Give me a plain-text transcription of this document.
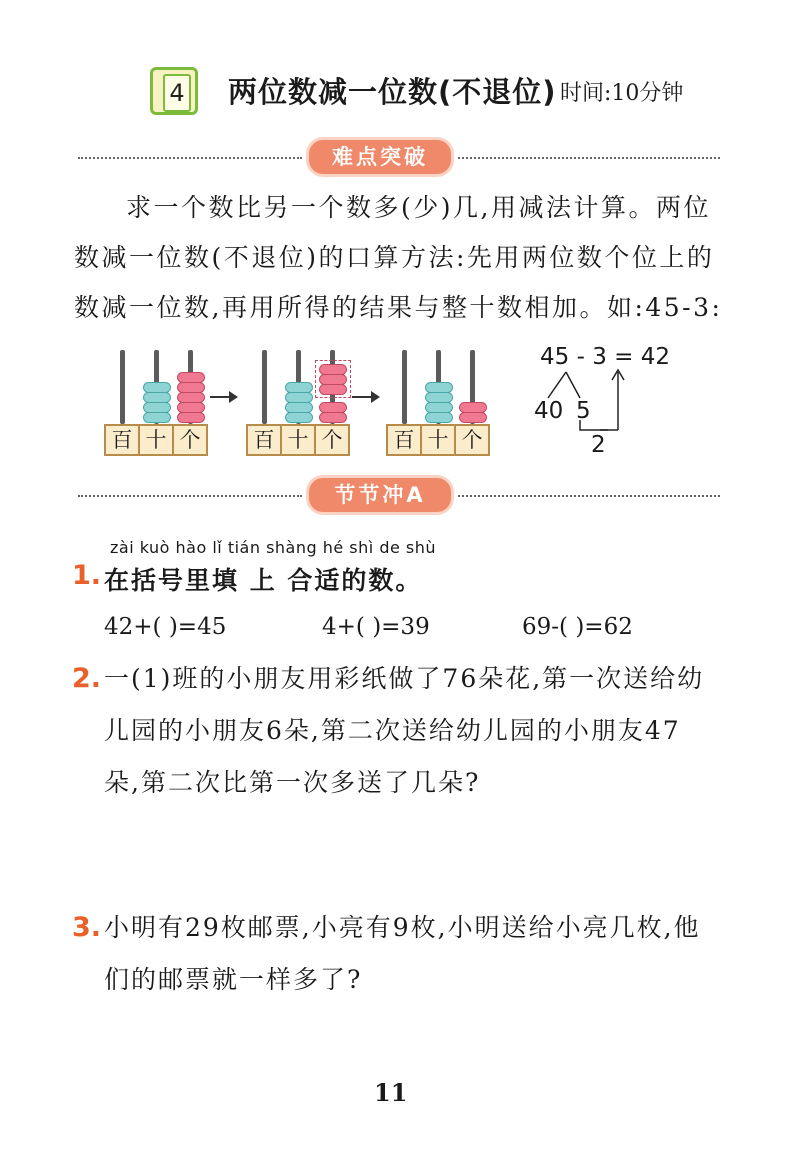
4 两位数减一位数(不退位) 时间:10分钟
难点突破
求一个数比另一个数多(少)几,用减法计算。两位
数减一位数(不退位)的口算方法:先用两位数个位上的
数减一位数,再用所得的结果与整十数相加。如:45-3:
百 十 个	百 十 个	百 十 个
45 - 3 = 42
40 5
2
节节冲A
zài kuò hào lǐ tián shàng hé shì de shù
1. 在括号里填 上 合适的数。
42+( )=45	4+( )=39	69-( )=62
2. 一(1)班的小朋友用彩纸做了76朵花,第一次送给幼
儿园的小朋友6朵,第二次送给幼儿园的小朋友47
朵,第二次比第一次多送了几朵?
3. 小明有29枚邮票,小亮有9枚,小明送给小亮几枚,他
们的邮票就一样多了?
11
